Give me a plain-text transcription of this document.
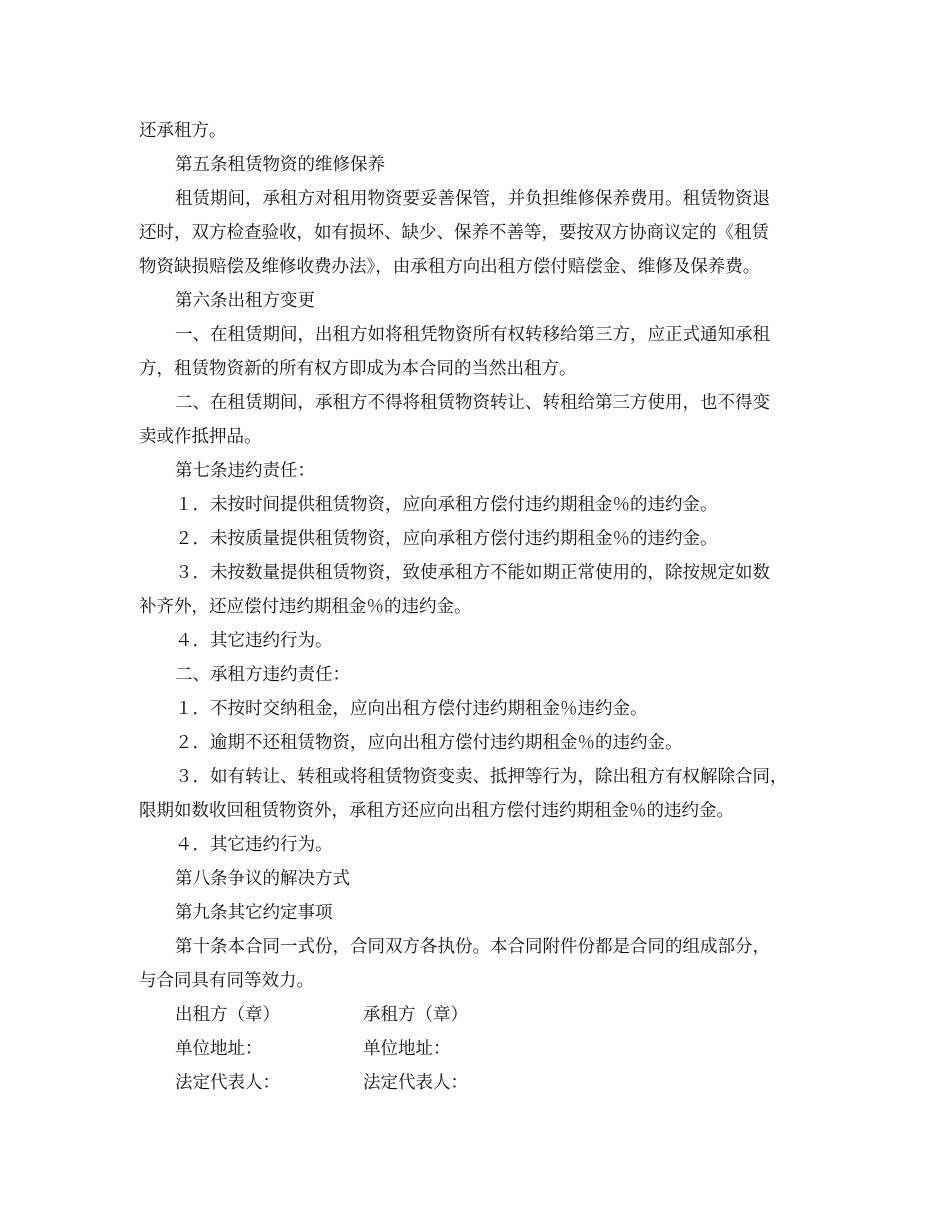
还承租方。
第五条租赁物资的维修保养
租赁期间，承租方对租用物资要妥善保管，并负担维修保养费用。租赁物资退
还时，双方检查验收，如有损坏、缺少、保养不善等，要按双方协商议定的《租赁
物资缺损赔偿及维修收费办法》，由承租方向出租方偿付赔偿金、维修及保养费。
第六条出租方变更
一、在租赁期间，出租方如将租凭物资所有权转移给第三方，应正式通知承租
方，租赁物资新的所有权方即成为本合同的当然出租方。
二、在租赁期间，承租方不得将租赁物资转让、转租给第三方使用，也不得变
卖或作抵押品。
第七条违约责任：
１．未按时间提供租赁物资，应向承租方偿付违约期租金％的违约金。
２．未按质量提供租赁物资，应向承租方偿付违约期租金％的违约金。
３．未按数量提供租赁物资，致使承租方不能如期正常使用的，除按规定如数
补齐外，还应偿付违约期租金％的违约金。
４．其它违约行为。
二、承租方违约责任：
１．不按时交纳租金，应向出租方偿付违约期租金％违约金。
２．逾期不还租赁物资，应向出租方偿付违约期租金％的违约金。
３．如有转让、转租或将租赁物资变卖、抵押等行为，除出租方有权解除合同，
限期如数收回租赁物资外，承租方还应向出租方偿付违约期租金％的违约金。
４．其它违约行为。
第八条争议的解决方式
第九条其它约定事项
第十条本合同一式份，合同双方各执份。本合同附件份都是合同的组成部分，
与合同具有同等效力。
出租方（章）	承租方（章）
单位地址：	单位地址：
法定代表人：	法定代表人：
